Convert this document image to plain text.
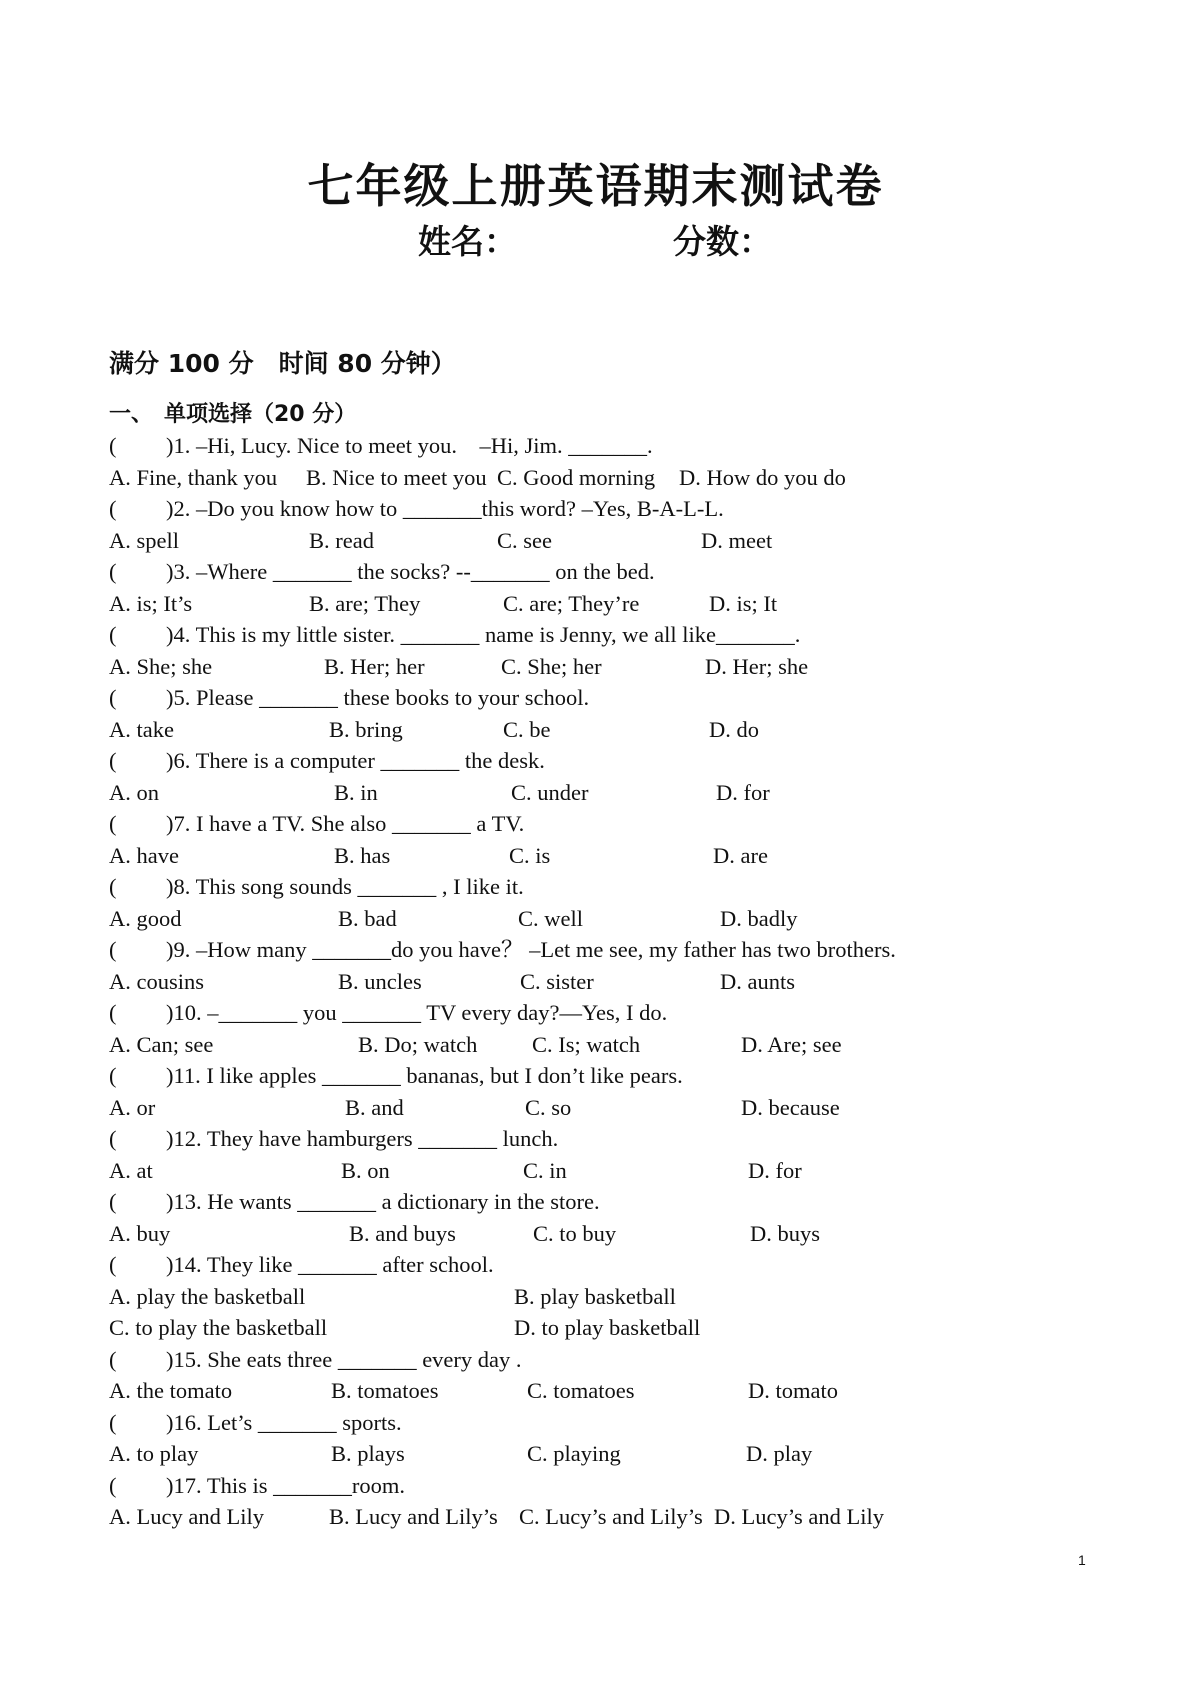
七年级上册英语期末测试卷
姓名：	分数：
满分 100 分　时间 80 分钟）
一、　单项选择（20 分）
( )1. –Hi, Lucy. Nice to meet you.　–Hi, Jim. _______.
A. Fine, thank you B. Nice to meet you C. Good morning D. How do you do
( )2. –Do you know how to _______this word? –Yes, B-A-L-L.
A. spell	B. read	C. see	D. meet
( )3. –Where _______ the socks? --_______ on the bed.
A. is; It’s	B. are; They	C. are; They’re	D. is; It
( )4. This is my little sister. _______ name is Jenny, we all like_______.
A. She; she	B. Her; her	C. She; her	D. Her; she
( )5. Please _______ these books to your school.
A. take	B. bring	C. be	D. do
( )6. There is a computer _______ the desk.
A. on	B. in	C. under	D. for
( )7. I have a TV. She also _______ a TV.
A. have	B. has	C. is	D. are
( )8. This song sounds _______ , I like it.
A. good	B. bad	C. well	D. badly
( )9. –How many _______do you have？ –Let me see, my father has two brothers.
A. cousins	B. uncles	C. sister	D. aunts
( )10. –_______ you _______ TV every day?—Yes, I do.
A. Can; see	B. Do; watch C. Is; watch	D. Are; see
( )11. I like apples _______ bananas, but I don’t like pears.
A. or	B. and	C. so	D. because
( )12. They have hamburgers _______ lunch.
A. at	B. on	C. in	D. for
( )13. He wants _______ a dictionary in the store.
A. buy	B. and buys	C. to buy	D. buys
( )14. They like _______ after school.
A. play the basketball	B. play basketball
C. to play the basketball	D. to play basketball
( )15. She eats three _______ every day .
A. the tomato	B. tomatoes	C. tomatoes	D. tomato
( )16. Let’s _______ sports.
A. to play	B. plays	C. playing	D. play
( )17. This is _______room.
A. Lucy and Lily	B. Lucy and Lily’s C. Lucy’s and Lily’s D. Lucy’s and Lily
1
